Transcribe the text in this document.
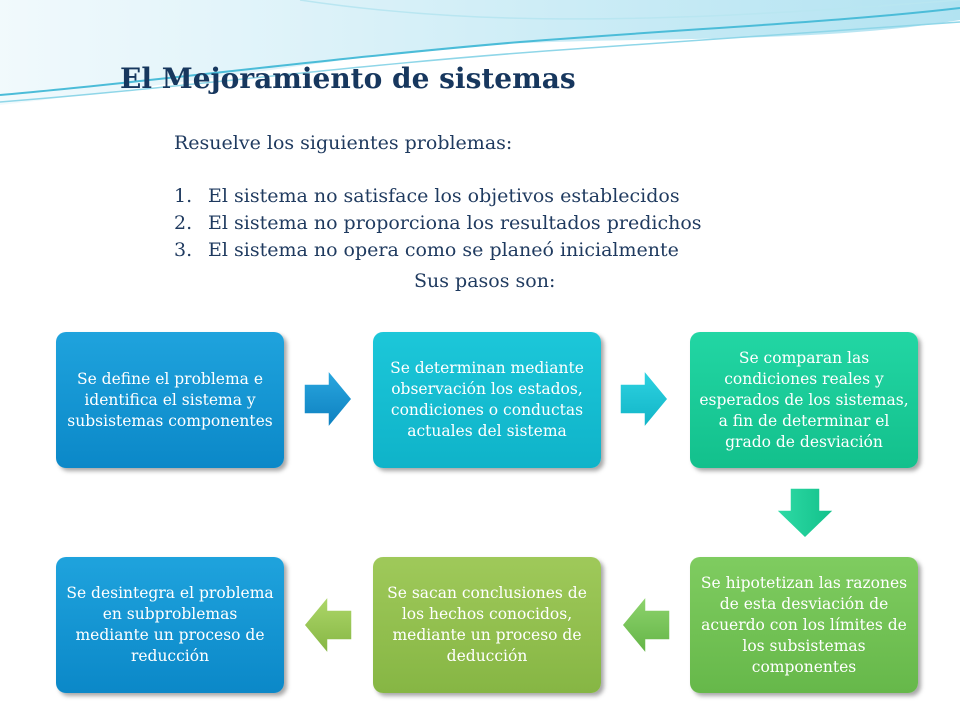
El Mejoramiento de sistemas
Resuelve los siguientes problemas:
1. El sistema no satisface los objetivos establecidos
2. El sistema no proporciona los resultados predichos
3. El sistema no opera como se planeó inicialmente
Sus pasos son:
Se define el problema e identifica el sistema y subsistemas componentes
Se determinan mediante observación los estados, condiciones o conductas actuales del sistema
Se comparan las condiciones reales y esperados de los sistemas, a fin de determinar el grado de desviación
Se hipotetizan las razones de esta desviación de acuerdo con los límites de los subsistemas componentes
Se sacan conclusiones de los hechos conocidos, mediante un proceso de deducción
Se desintegra el problema en subproblemas mediante un proceso de reducción
